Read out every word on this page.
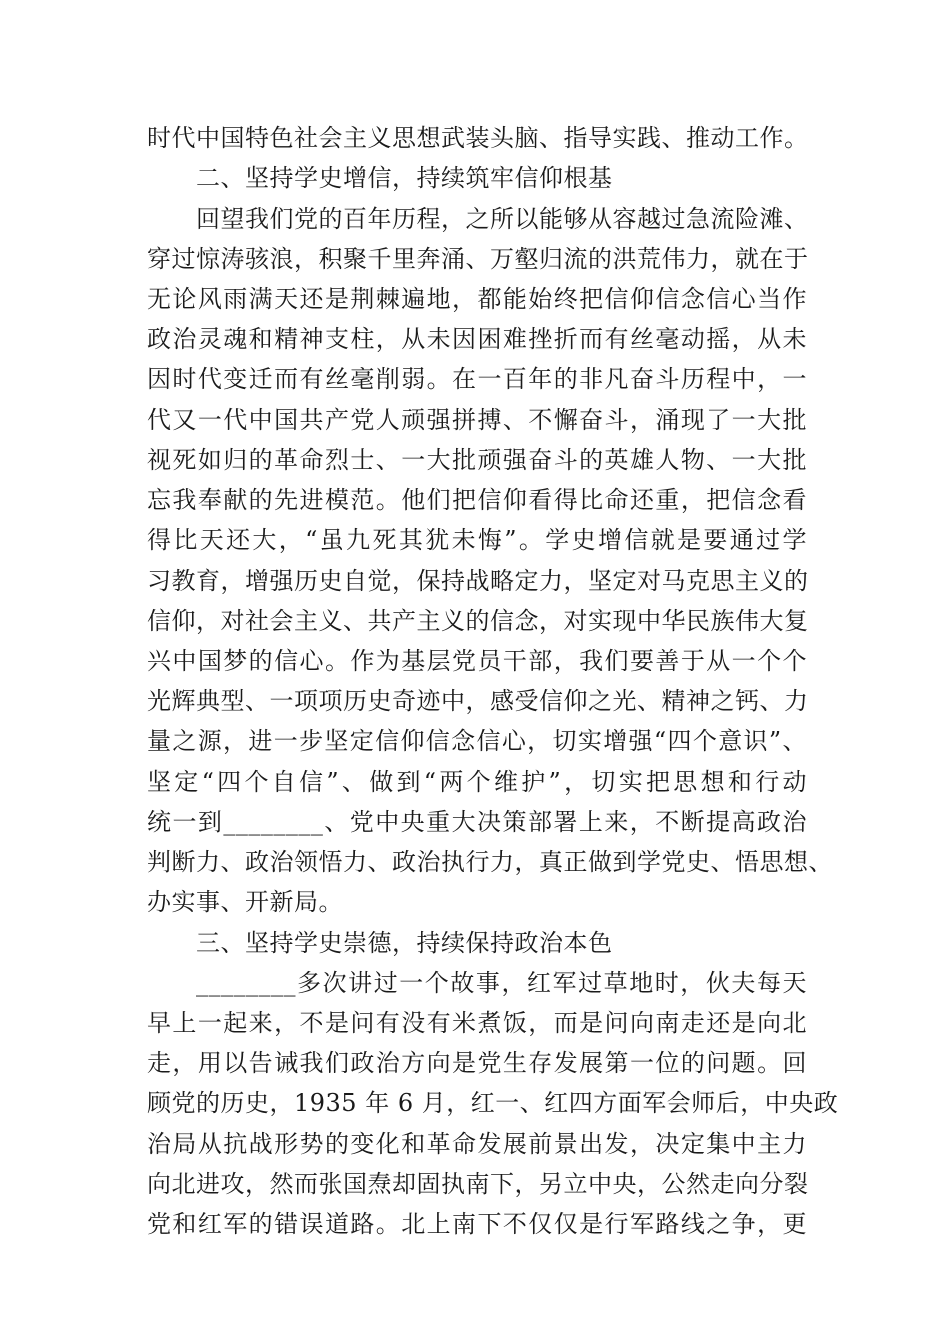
时代中国特色社会主义思想武装头脑、指导实践、推动工作。
二、坚持学史增信，持续筑牢信仰根基
回望我们党的百年历程，之所以能够从容越过急流险滩、
穿过惊涛骇浪，积聚千里奔涌、万壑归流的洪荒伟力，就在于
无论风雨满天还是荆棘遍地，都能始终把信仰信念信心当作
政治灵魂和精神支柱，从未因困难挫折而有丝毫动摇，从未
因时代变迁而有丝毫削弱。在一百年的非凡奋斗历程中，一
代又一代中国共产党人顽强拼搏、不懈奋斗，涌现了一大批
视死如归的革命烈士、一大批顽强奋斗的英雄人物、一大批
忘我奉献的先进模范。他们把信仰看得比命还重，把信念看
得比天还大，“虽九死其犹未悔”。学史增信就是要通过学
习教育，增强历史自觉，保持战略定力，坚定对马克思主义的
信仰，对社会主义、共产主义的信念，对实现中华民族伟大复
兴中国梦的信心。作为基层党员干部，我们要善于从一个个
光辉典型、一项项历史奇迹中，感受信仰之光、精神之钙、力
量之源，进一步坚定信仰信念信心，切实增强“四个意识”、
坚定“四个自信”、做到“两个维护”，切实把思想和行动
统一到________、党中央重大决策部署上来，不断提高政治
判断力、政治领悟力、政治执行力，真正做到学党史、悟思想、
办实事、开新局。
三、坚持学史崇德，持续保持政治本色
________多次讲过一个故事，红军过草地时，伙夫每天
早上一起来，不是问有没有米煮饭，而是问向南走还是向北
走，用以告诫我们政治方向是党生存发展第一位的问题。回
顾党的历史，1935 年 6 月，红一、红四方面军会师后，中央政
治局从抗战形势的变化和革命发展前景出发，决定集中主力
向北进攻，然而张国焘却固执南下，另立中央，公然走向分裂
党和红军的错误道路。北上南下不仅仅是行军路线之争，更
